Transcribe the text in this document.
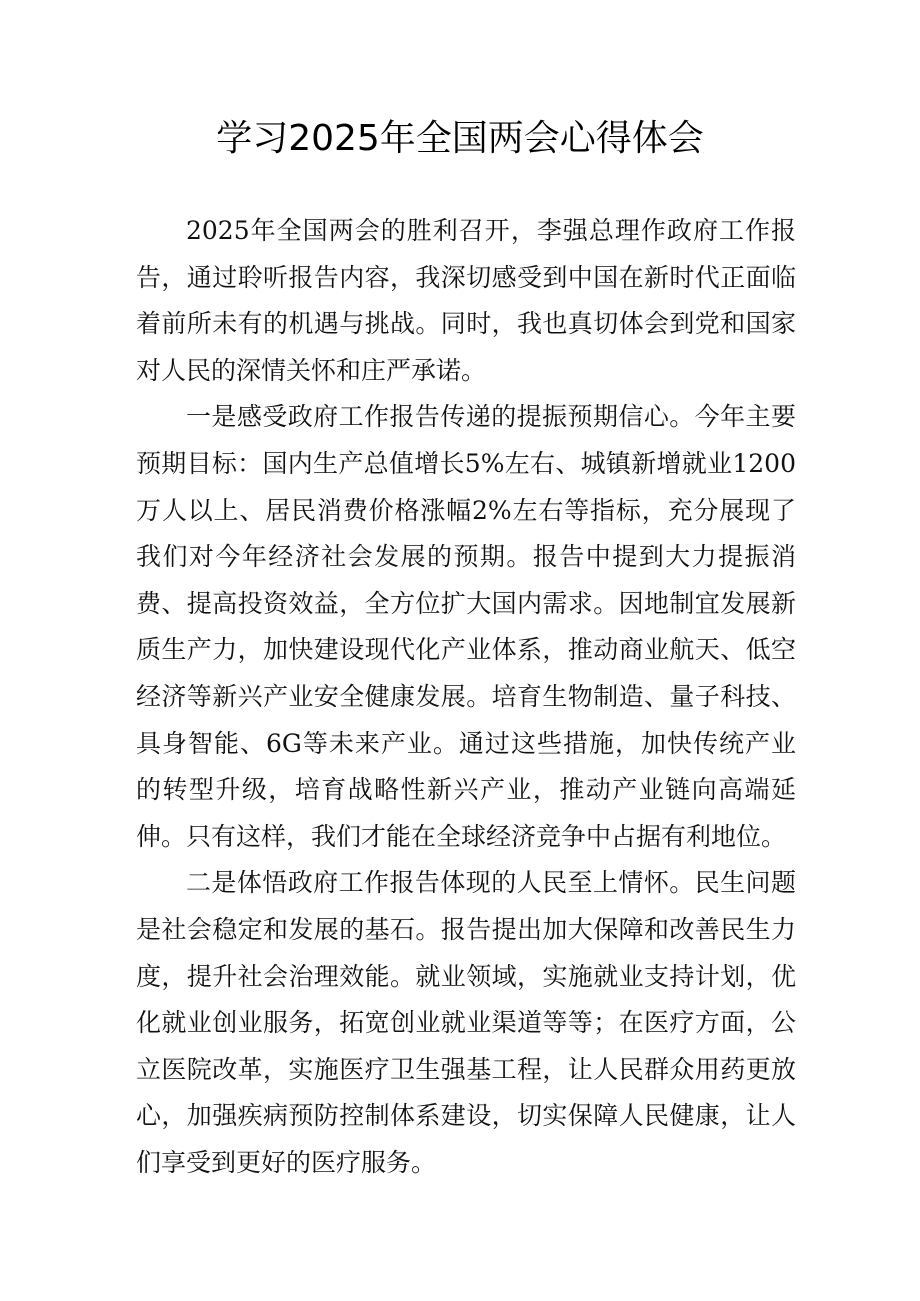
学习2025年全国两会心得体会

2025年全国两会的胜利召开，李强总理作政府工作报告，通过聆听报告内容，我深切感受到中国在新时代正面临着前所未有的机遇与挑战。同时，我也真切体会到党和国家对人民的深情关怀和庄严承诺。

一是感受政府工作报告传递的提振预期信心。今年主要预期目标：国内生产总值增长5%左右、城镇新增就业1200万人以上、居民消费价格涨幅2%左右等指标，充分展现了我们对今年经济社会发展的预期。报告中提到大力提振消费、提高投资效益，全方位扩大国内需求。因地制宜发展新质生产力，加快建设现代化产业体系，推动商业航天、低空经济等新兴产业安全健康发展。培育生物制造、量子科技、具身智能、6G等未来产业。通过这些措施，加快传统产业的转型升级，培育战略性新兴产业，推动产业链向高端延伸。只有这样，我们才能在全球经济竞争中占据有利地位。

二是体悟政府工作报告体现的人民至上情怀。民生问题是社会稳定和发展的基石。报告提出加大保障和改善民生力度，提升社会治理效能。就业领域，实施就业支持计划，优化就业创业服务，拓宽创业就业渠道等等；在医疗方面，公立医院改革，实施医疗卫生强基工程，让人民群众用药更放心，加强疾病预防控制体系建设，切实保障人民健康，让人们享受到更好的医疗服务。
